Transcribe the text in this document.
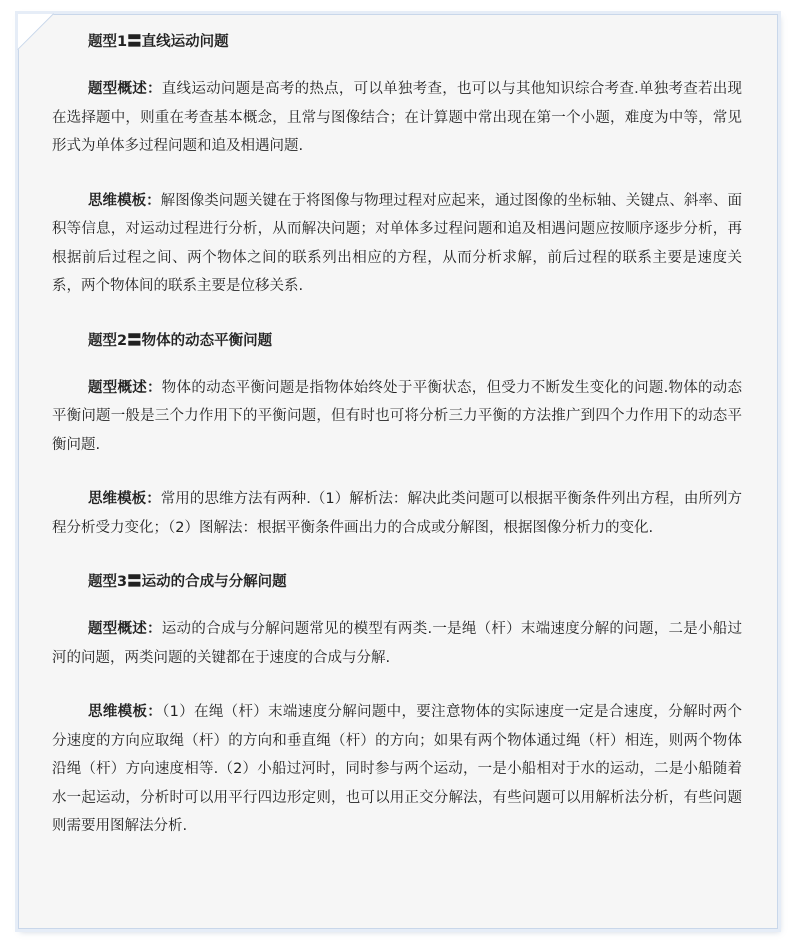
题型1〓直线运动问题

题型概述：直线运动问题是高考的热点，可以单独考查，也可以与其他知识综合考查.单独考查若出现在选择题中，则重在考查基本概念，且常与图像结合；在计算题中常出现在第一个小题，难度为中等，常见形式为单体多过程问题和追及相遇问题.

思维模板：解图像类问题关键在于将图像与物理过程对应起来，通过图像的坐标轴、关键点、斜率、面积等信息，对运动过程进行分析，从而解决问题；对单体多过程问题和追及相遇问题应按顺序逐步分析，再根据前后过程之间、两个物体之间的联系列出相应的方程，从而分析求解，前后过程的联系主要是速度关系，两个物体间的联系主要是位移关系.

题型2〓物体的动态平衡问题

题型概述：物体的动态平衡问题是指物体始终处于平衡状态，但受力不断发生变化的问题.物体的动态平衡问题一般是三个力作用下的平衡问题，但有时也可将分析三力平衡的方法推广到四个力作用下的动态平衡问题.

思维模板：常用的思维方法有两种.（1）解析法：解决此类问题可以根据平衡条件列出方程，由所列方程分析受力变化；（2）图解法：根据平衡条件画出力的合成或分解图，根据图像分析力的变化.

题型3〓运动的合成与分解问题

题型概述：运动的合成与分解问题常见的模型有两类.一是绳（杆）末端速度分解的问题，二是小船过河的问题，两类问题的关键都在于速度的合成与分解.

思维模板：（1）在绳（杆）末端速度分解问题中，要注意物体的实际速度一定是合速度，分解时两个分速度的方向应取绳（杆）的方向和垂直绳（杆）的方向；如果有两个物体通过绳（杆）相连，则两个物体沿绳（杆）方向速度相等.（2）小船过河时，同时参与两个运动，一是小船相对于水的运动，二是小船随着水一起运动，分析时可以用平行四边形定则，也可以用正交分解法，有些问题可以用解析法分析，有些问题则需要用图解法分析.
